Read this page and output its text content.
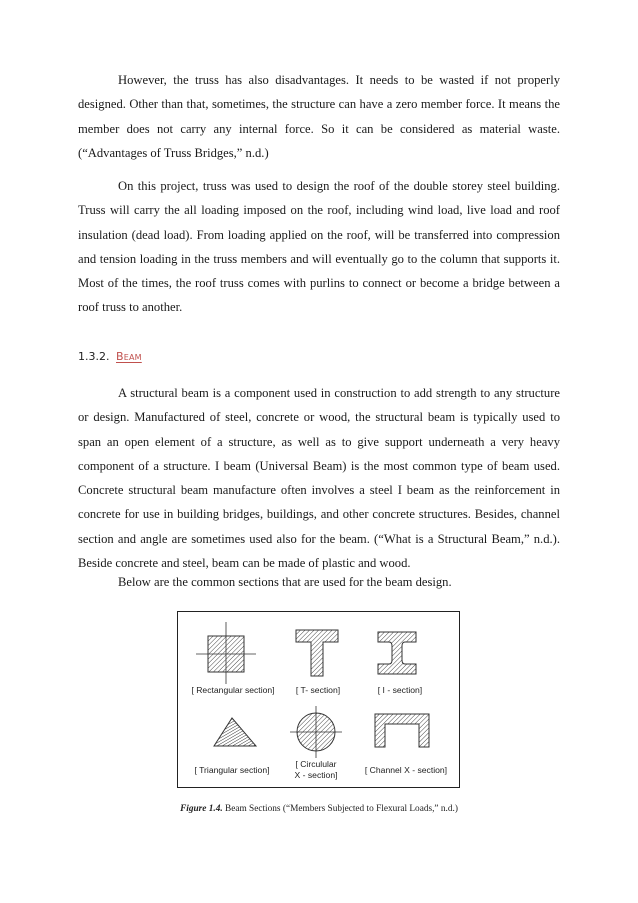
However, the truss has also disadvantages. It needs to be wasted if not properly designed. Other than that, sometimes, the structure can have a zero member force. It means the member does not carry any internal force. So it can be considered as material waste. (“Advantages of Truss Bridges,” n.d.)

On this project, truss was used to design the roof of the double storey steel building. Truss will carry the all loading imposed on the roof, including wind load, live load and roof insulation (dead load). From loading applied on the roof, will be transferred into compression and tension loading in the truss members and will eventually go to the column that supports it. Most of the times, the roof truss comes with purlins to connect or become a bridge between a roof truss to another.

1.3.2. Beam

A structural beam is a component used in construction to add strength to any structure or design. Manufactured of steel, concrete or wood, the structural beam is typically used to span an open element of a structure, as well as to give support underneath a very heavy component of a structure. I beam (Universal Beam) is the most common type of beam used. Concrete structural beam manufacture often involves a steel I beam as the reinforcement in concrete for use in building bridges, buildings, and other concrete structures. Besides, channel section and angle are sometimes used also for the beam. (“What is a Structural Beam,” n.d.). Beside concrete and steel, beam can be made of plastic and wood.

Below are the common sections that are used for the beam design.

[ Rectangular section]	[ T- section]	[ I - section]
[ Triangular section]
[ Circulular
X - section]	[ Channel X - section]
Figure 1.4. Beam Sections (“Members Subjected to Flexural Loads,” n.d.)
